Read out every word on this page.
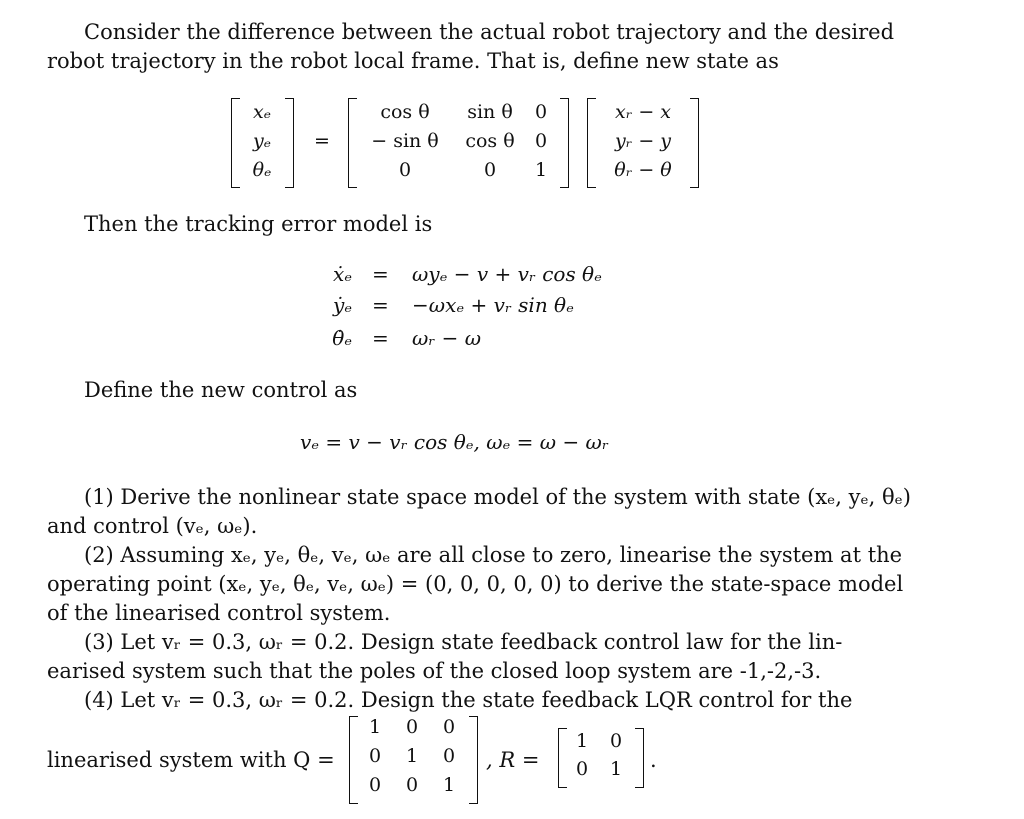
Consider the difference between the actual robot trajectory and the desired
robot trajectory in the robot local frame. That is, define new state as
xₑ
yₑ
θₑ
=
cos θ	sin θ	0
− sin θ	cos θ	0
0	0	1
xᵣ − x
yᵣ − y
θᵣ − θ
Then the tracking error model is
ẋₑ = ωyₑ − v + vᵣ cos θₑ
ẏₑ = −ωxₑ + vᵣ sin θₑ
θ̇ₑ = ωᵣ − ω
Define the new control as
vₑ = v − vᵣ cos θₑ, ωₑ = ω − ωᵣ
(1) Derive the nonlinear state space model of the system with state (xₑ, yₑ, θₑ)
and control (vₑ, ωₑ).
(2) Assuming xₑ, yₑ, θₑ, vₑ, ωₑ are all close to zero, linearise the system at the
operating point (xₑ, yₑ, θₑ, vₑ, ωₑ) = (0, 0, 0, 0, 0) to derive the state-space model
of the linearised control system.
(3) Let vᵣ = 0.3, ωᵣ = 0.2. Design state feedback control law for the lin-
earised system such that the poles of the closed loop system are -1,-2,-3.
(4) Let vᵣ = 0.3, ωᵣ = 0.2. Design the state feedback LQR control for the
linearised system with Q =
1	0	0
0	1	0
0	0	1
, R =
1 0
0 1 .
